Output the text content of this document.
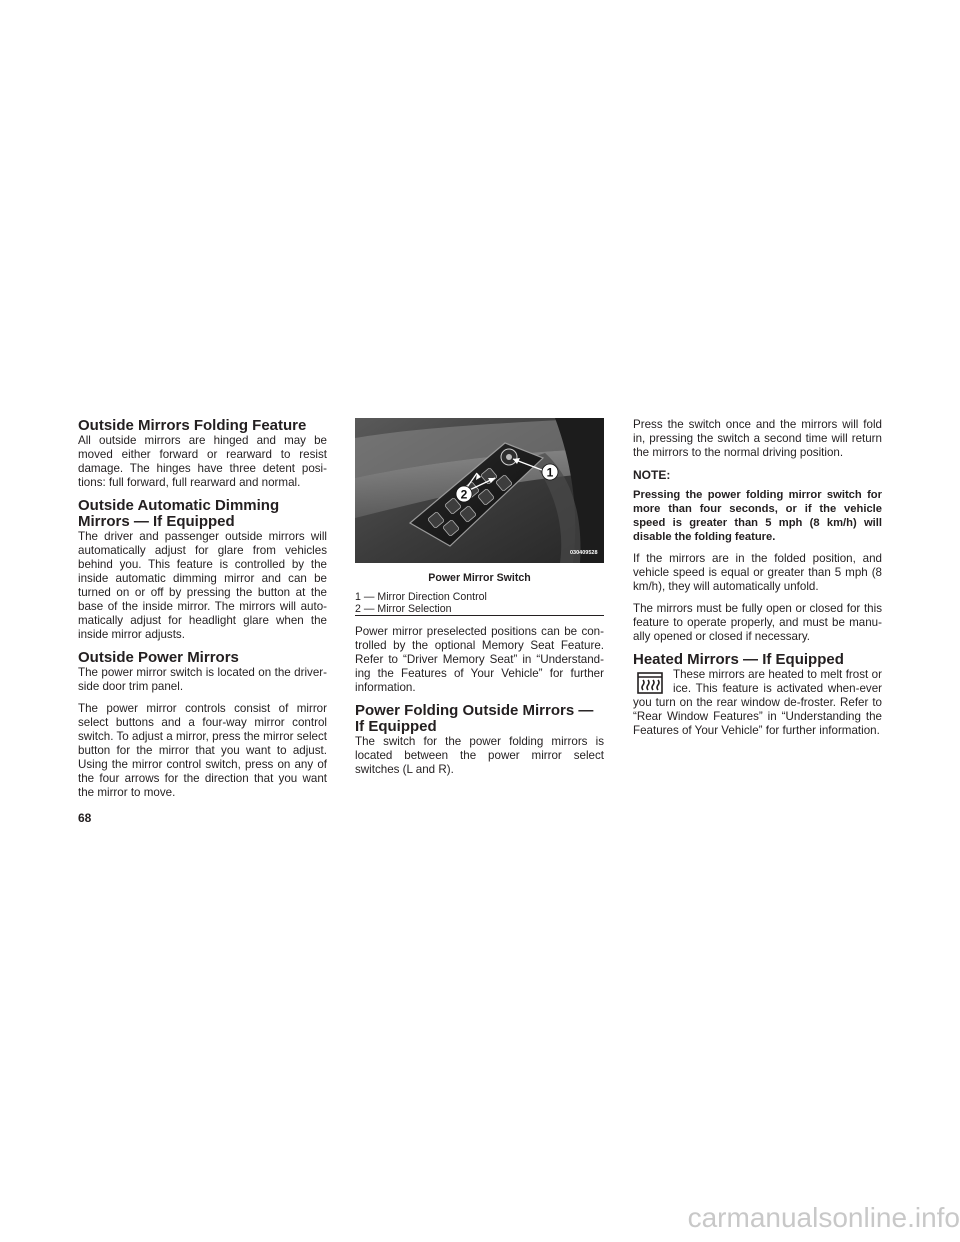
Outside Mirrors Folding Feature

All outside mirrors are hinged and may be moved either forward or rearward to resist damage. The hinges have three detent posi-tions: full forward, full rearward and normal.

Outside Automatic Dimming Mirrors — If Equipped

The driver and passenger outside mirrors will automatically adjust for glare from vehicles behind you. This feature is controlled by the inside automatic dimming mirror and can be turned on or off by pressing the button at the base of the inside mirror. The mirrors will auto-matically adjust for headlight glare when the inside mirror adjusts.

Outside Power Mirrors

The power mirror switch is located on the driver-side door trim panel.

The power mirror controls consist of mirror select buttons and a four-way mirror control switch. To adjust a mirror, press the mirror select button for the mirror that you want to adjust. Using the mirror control switch, press on any of the four arrows for the direction that you want the mirror to move.

1
2
030409528
Power Mirror Switch
1 — Mirror Direction Control
2 — Mirror Selection

Power mirror preselected positions can be con-trolled by the optional Memory Seat Feature. Refer to “Driver Memory Seat” in “Understand-ing the Features of Your Vehicle” for further information.

Power Folding Outside Mirrors — If Equipped

The switch for the power folding mirrors is located between the power mirror select switches (L and R).

Press the switch once and the mirrors will fold in, pressing the switch a second time will return the mirrors to the normal driving position.

NOTE:

Pressing the power folding mirror switch for more than four seconds, or if the vehicle speed is greater than 5 mph (8 km/h) will disable the folding feature.

If the mirrors are in the folded position, and vehicle speed is equal or greater than 5 mph (8 km/h), they will automatically unfold.

The mirrors must be fully open or closed for this feature to operate properly, and must be manu-ally opened or closed if necessary.

Heated Mirrors — If Equipped

These mirrors are heated to melt frost or ice. This feature is activated when-ever you turn on the rear window de-froster. Refer to “Rear Window Features” in “Understanding the Features of Your Vehicle” for further information.

68
carmanualsonline.info
